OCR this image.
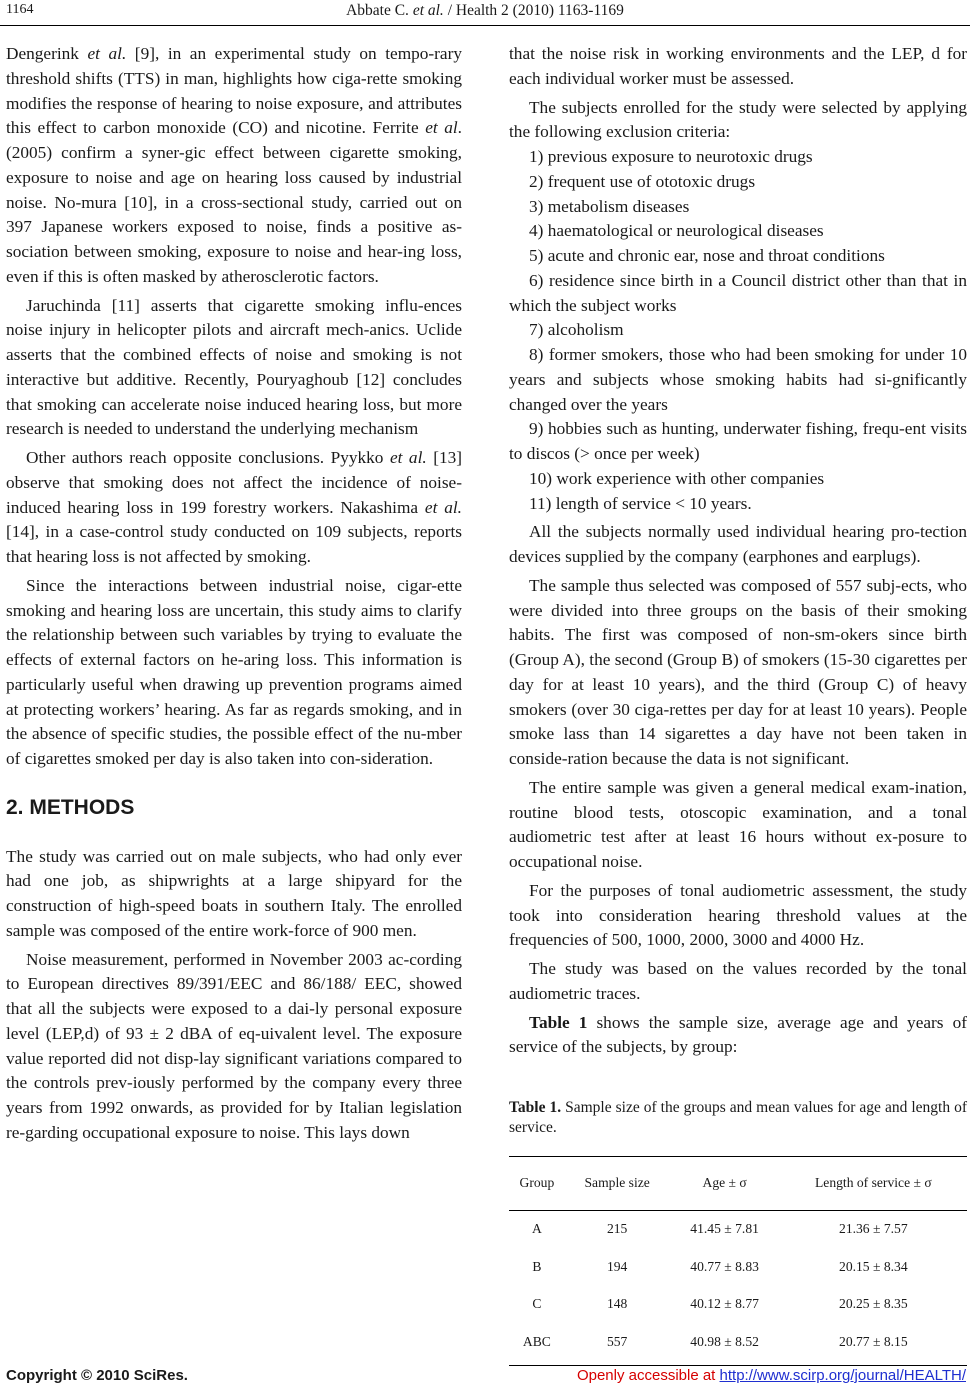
1164	Abbate C. et al. / Health 2 (2010) 1163-1169

Dengerink et al. [9], in an experimental study on tempo-rary threshold shifts (TTS) in man, highlights how ciga-rette smoking modifies the response of hearing to noise exposure, and attributes this effect to carbon monoxide (CO) and nicotine. Ferrite et al. (2005) confirm a syner-gic effect between cigarette smoking, exposure to noise and age on hearing loss caused by industrial noise. No-mura [10], in a cross-sectional study, carried out on 397 Japanese workers exposed to noise, finds a positive as-sociation between smoking, exposure to noise and hear-ing loss, even if this is often masked by atherosclerotic factors.

Jaruchinda [11] asserts that cigarette smoking influ-ences noise injury in helicopter pilots and aircraft mech-anics. Uclide asserts that the combined effects of noise and smoking is not interactive but additive. Recently, Pouryaghoub [12] concludes that smoking can accelerate noise induced hearing loss, but more research is needed to understand the underlying mechanism

Other authors reach opposite conclusions. Pyykko et al. [13] observe that smoking does not affect the incidence of noise-induced hearing loss in 199 forestry workers. Nakashima et al. [14], in a case-control study conducted on 109 subjects, reports that hearing loss is not affected by smoking.

Since the interactions between industrial noise, cigar-ette smoking and hearing loss are uncertain, this study aims to clarify the relationship between such variables by trying to evaluate the effects of external factors on he-aring loss. This information is particularly useful when drawing up prevention programs aimed at protecting workers’ hearing. As far as regards smoking, and in the absence of specific studies, the possible effect of the nu-mber of cigarettes smoked per day is also taken into con-sideration.

2. METHODS

The study was carried out on male subjects, who had only ever had one job, as shipwrights at a large shipyard for the construction of high-speed boats in southern Italy. The enrolled sample was composed of the entire work-force of 900 men.

Noise measurement, performed in November 2003 ac-cording to European directives 89/391/EEC and 86/188/ EEC, showed that all the subjects were exposed to a dai-ly personal exposure level (LEP,d) of 93 ± 2 dBA of eq-uivalent level. The exposure value reported did not disp-lay significant variations compared to the controls prev-iously performed by the company every three years from 1992 onwards, as provided for by Italian legislation re-garding occupational exposure to noise. This lays down

that the noise risk in working environments and the LEP, d for each individual worker must be assessed.

The subjects enrolled for the study were selected by applying the following exclusion criteria:

1) previous exposure to neurotoxic drugs

2) frequent use of ototoxic drugs

3) metabolism diseases

4) haematological or neurological diseases

5) acute and chronic ear, nose and throat conditions

6) residence since birth in a Council district other than that in which the subject works

7) alcoholism

8) former smokers, those who had been smoking for under 10 years and subjects whose smoking habits had si-gnificantly changed over the years

9) hobbies such as hunting, underwater fishing, frequ-ent visits to discos (> once per week)

10) work experience with other companies

11) length of service < 10 years.

All the subjects normally used individual hearing pro-tection devices supplied by the company (earphones and earplugs).

The sample thus selected was composed of 557 subj-ects, who were divided into three groups on the basis of their smoking habits. The first was composed of non-sm-okers since birth (Group A), the second (Group B) of smokers (15-30 cigarettes per day for at least 10 years), and the third (Group C) of heavy smokers (over 30 ciga-rettes per day for at least 10 years). People smoke lass than 14 sigarettes a day have not been taken in conside-ration because the data is not significant.

The entire sample was given a general medical exam-ination, routine blood tests, otoscopic examination, and a tonal audiometric test after at least 16 hours without ex-posure to occupational noise.

For the purposes of tonal audiometric assessment, the study took into consideration hearing threshold values at the frequencies of 500, 1000, 2000, 3000 and 4000 Hz.

The study was based on the values recorded by the tonal audiometric traces.

Table 1 shows the sample size, average age and years of service of the subjects, by group:

Table 1. Sample size of the groups and mean values for age and length of service.

Group	Sample size	Age ± σ	Length of service ± σ
A	215	41.45 ± 7.81	21.36 ± 7.57
B	194	40.77 ± 8.83	20.15 ± 8.34
C	148	40.12 ± 8.77	20.25 ± 8.35
ABC	557	40.98 ± 8.52	20.77 ± 8.15
Copyright © 2010 SciRes.	Openly accessible at http://www.scirp.org/journal/HEALTH/
